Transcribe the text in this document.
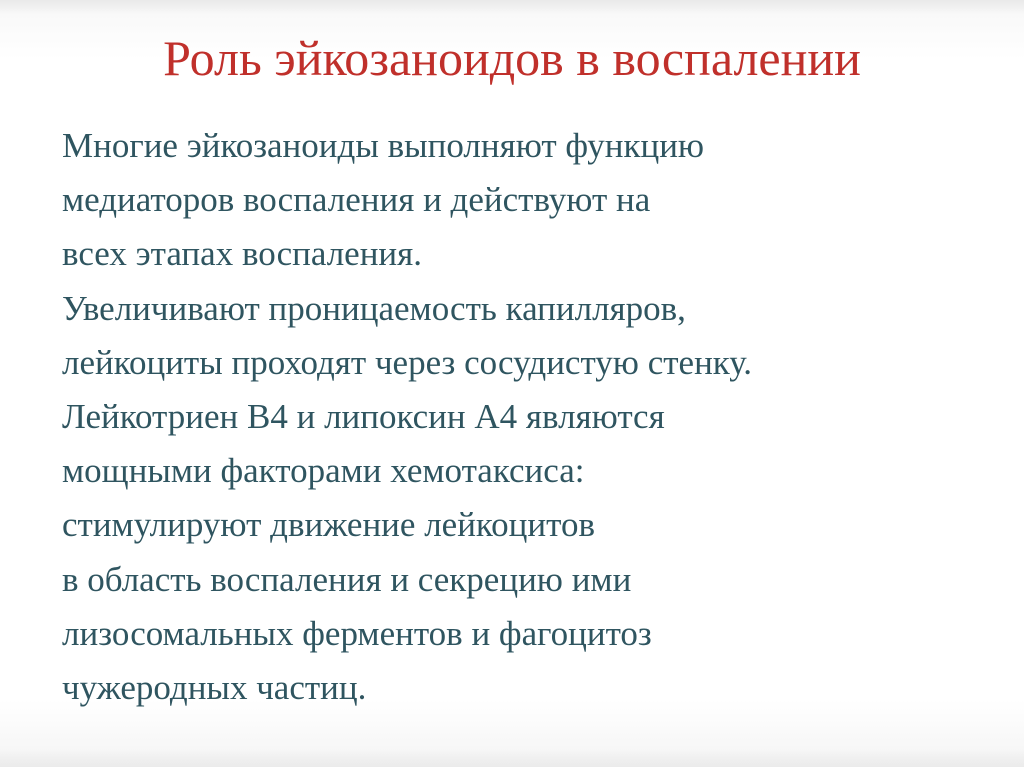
Роль эйкозаноидов в воспалении
Многие эйкозаноиды выполняют функцию
медиаторов воспаления и действуют на
всех этапах воспаления.
Увеличивают проницаемость капилляров,
лейкоциты проходят через сосудистую стенку.
Лейкотриен B4 и липоксин A4 являются
мощными факторами хемотаксиса:
стимулируют движение лейкоцитов
в область воспаления и секрецию ими
лизосомальных ферментов и фагоцитоз
чужеродных частиц.
